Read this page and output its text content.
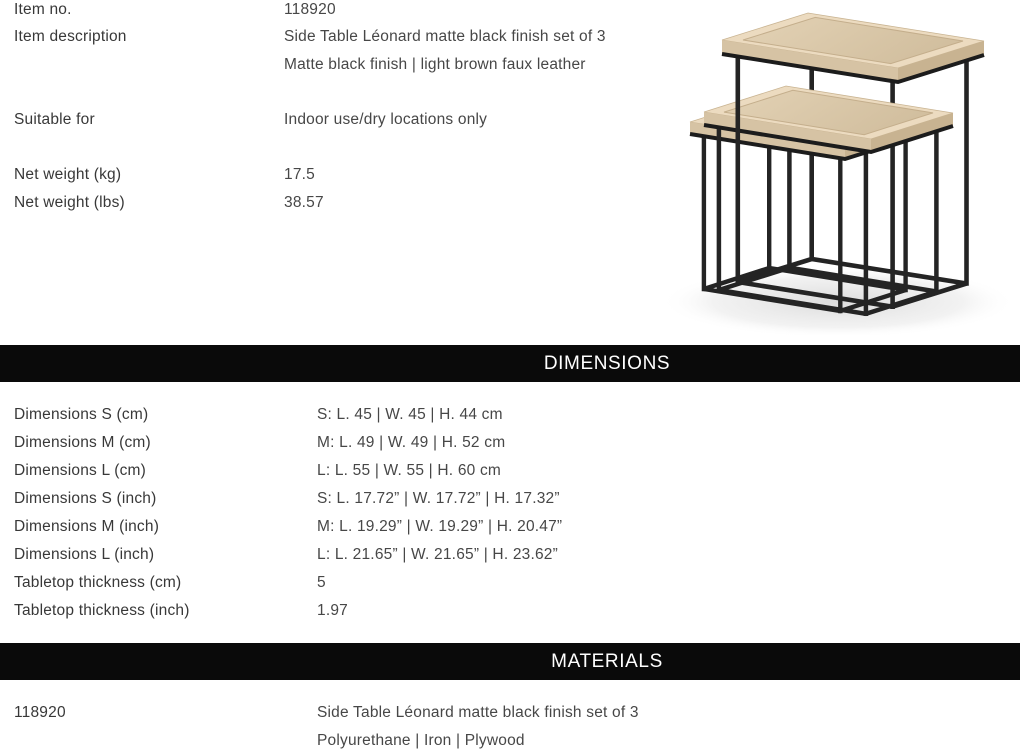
Item no.	118920
Item description	Side Table Léonard matte black finish set of 3
Matte black finish | light brown faux leather
Suitable for	Indoor use/dry locations only
Net weight (kg)	17.5
Net weight (lbs)	38.57
DIMENSIONS
Dimensions S (cm)	S: L. 45 | W. 45 | H. 44 cm
Dimensions M (cm)	M: L. 49 | W. 49 | H. 52 cm
Dimensions L (cm)	L: L. 55 | W. 55 | H. 60 cm
Dimensions S (inch)	S: L. 17.72” | W. 17.72” | H. 17.32”
Dimensions M (inch)	M: L. 19.29” | W. 19.29” | H. 20.47”
Dimensions L (inch)	L: L. 21.65” | W. 21.65” | H. 23.62”
Tabletop thickness (cm)	5
Tabletop thickness (inch)	1.97
MATERIALS
118920	Side Table Léonard matte black finish set of 3
Polyurethane | Iron | Plywood
